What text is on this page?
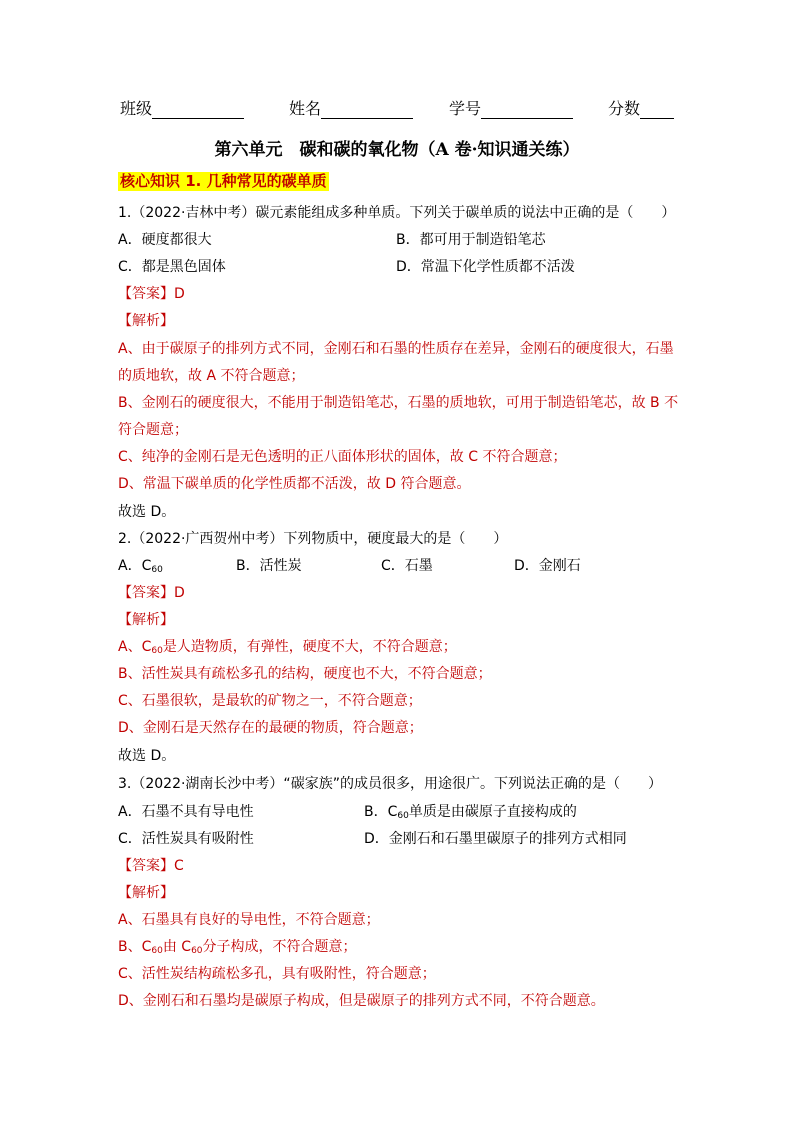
班级	姓名	学号	分数
第六单元　碳和碳的氧化物（A 卷·知识通关练）
核心知识 1. 几种常见的碳单质
1.（2022·吉林中考）碳元素能组成多种单质。下列关于碳单质的说法中正确的是（　　）
A．硬度都很大	B．都可用于制造铅笔芯
C．都是黑色固体	D．常温下化学性质都不活泼
【答案】D
【解析】
A、由于碳原子的排列方式不同，金刚石和石墨的性质存在差异，金刚石的硬度很大，石墨
的质地软，故 A 不符合题意；
B、金刚石的硬度很大，不能用于制造铅笔芯，石墨的质地软，可用于制造铅笔芯，故 B 不
符合题意；
C、纯净的金刚石是无色透明的正八面体形状的固体，故 C 不符合题意；
D、常温下碳单质的化学性质都不活泼，故 D 符合题意。
故选 D。
2.（2022·广西贺州中考）下列物质中，硬度最大的是（　　）
A．$C_{60}$	B．活性炭	C．石墨	D．金刚石
【答案】D
【解析】
A、$C_{60}$是人造物质，有弹性，硬度不大，不符合题意；
B、活性炭具有疏松多孔的结构，硬度也不大，不符合题意；
C、石墨很软，是最软的矿物之一，不符合题意；
D、金刚石是天然存在的最硬的物质，符合题意；
故选 D。
3.（2022·湖南长沙中考）“碳家族”的成员很多，用途很广。下列说法正确的是（　　）
A．石墨不具有导电性	B．$C_{60}$单质是由碳原子直接构成的
C．活性炭具有吸附性	D．金刚石和石墨里碳原子的排列方式相同
【答案】C
【解析】
A、石墨具有良好的导电性，不符合题意；
B、$C_{60}$由 $C_{60}$分子构成，不符合题意；
C、活性炭结构疏松多孔，具有吸附性，符合题意；
D、金刚石和石墨均是碳原子构成，但是碳原子的排列方式不同，不符合题意。
